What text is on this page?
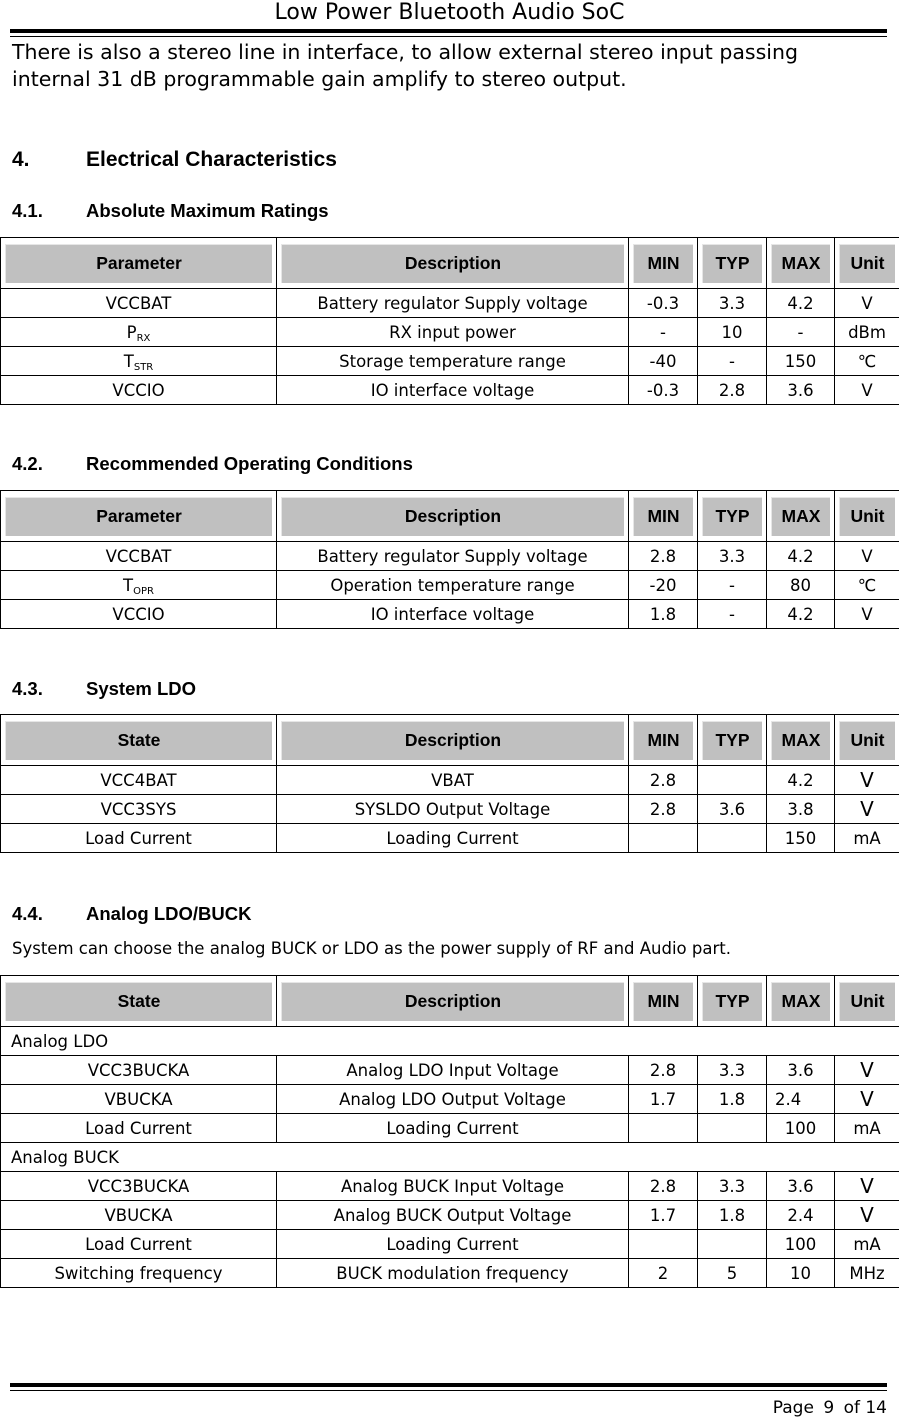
Low Power Bluetooth Audio SoC
There is also a stereo line in interface, to allow external stereo input passing internal 31 dB programmable gain amplify to stereo output.
4.	Electrical Characteristics
4.1. Absolute Maximum Ratings
Parameter	Description	MIN	TYP	MAX	Unit

VCCBAT	Battery regulator Supply voltage	-0.3	3.3	4.2	V
$P_{RX}$	RX input power	-	10	-	dBm
$T_{STR}$	Storage temperature range	-40	-	150	℃
VCCIO	IO interface voltage	-0.3	2.8	3.6	V
4.2. Recommended Operating Conditions
Parameter	Description	MIN	TYP	MAX	Unit

VCCBAT	Battery regulator Supply voltage	2.8	3.3	4.2	V
$T_{OPR}$	Operation temperature range	-20	-	80	℃
VCCIO	IO interface voltage	1.8	-	4.2	V
4.3. System LDO
State	Description	MIN	TYP	MAX	Unit

VCC4BAT	VBAT	2.8		4.2	V
VCC3SYS	SYSLDO Output Voltage	2.8	3.6	3.8	V
Load Current	Loading Current			150	mA
4.4. Analog LDO/BUCK
System can choose the analog BUCK or LDO as the power supply of RF and Audio part.
State	Description	MIN	TYP	MAX	Unit

Analog LDO					
VCC3BUCKA	Analog LDO Input Voltage	2.8	3.3	3.6	V
VBUCKA	Analog LDO Output Voltage	1.7	1.8	2.4	V
Load Current	Loading Current			100	mA
Analog BUCK					
VCC3BUCKA	Analog BUCK Input Voltage	2.8	3.3	3.6	V
VBUCKA	Analog BUCK Output Voltage	1.7	1.8	2.4	V
Load Current	Loading Current			100	mA
Switching frequency	BUCK modulation frequency	2	5	10	MHz
Page 9 of 14
